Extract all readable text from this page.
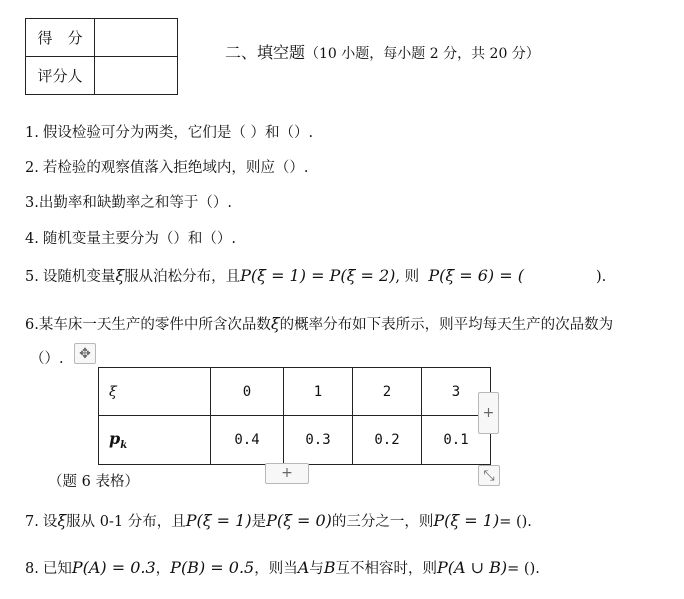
得　分	
评分人	
二、填空题（10 小题，每小题 2 分，共 20 分）
1. 假设检验可分为两类，它们是（ ）和（）.
2. 若检验的观察值落入拒绝域内，则应（）.
3.出勤率和缺勤率之和等于（）.
4. 随机变量主要分为（）和（）.
5. 设随机变量ξ服从泊松分布，且P(ξ = 1) = P(ξ = 2), 则 P(ξ = 6) = (	).
6.某车床一天生产的零件中所含次品数ξ的概率分布如下表所示，则平均每天生产的次品数为
（）.	✥
ξ	0	1	2	3
$p_k$	0.4	0.3	0.2	0.1
+
+	⤡
（题 6 表格）
7. 设ξ服从 0-1 分布，且P(ξ = 1)是P(ξ = 0)的三分之一，则P(ξ = 1)= ().
8. 已知P(A) = 0.3，P(B) = 0.5，则当A与B互不相容时，则P(A ∪ B)= ().
